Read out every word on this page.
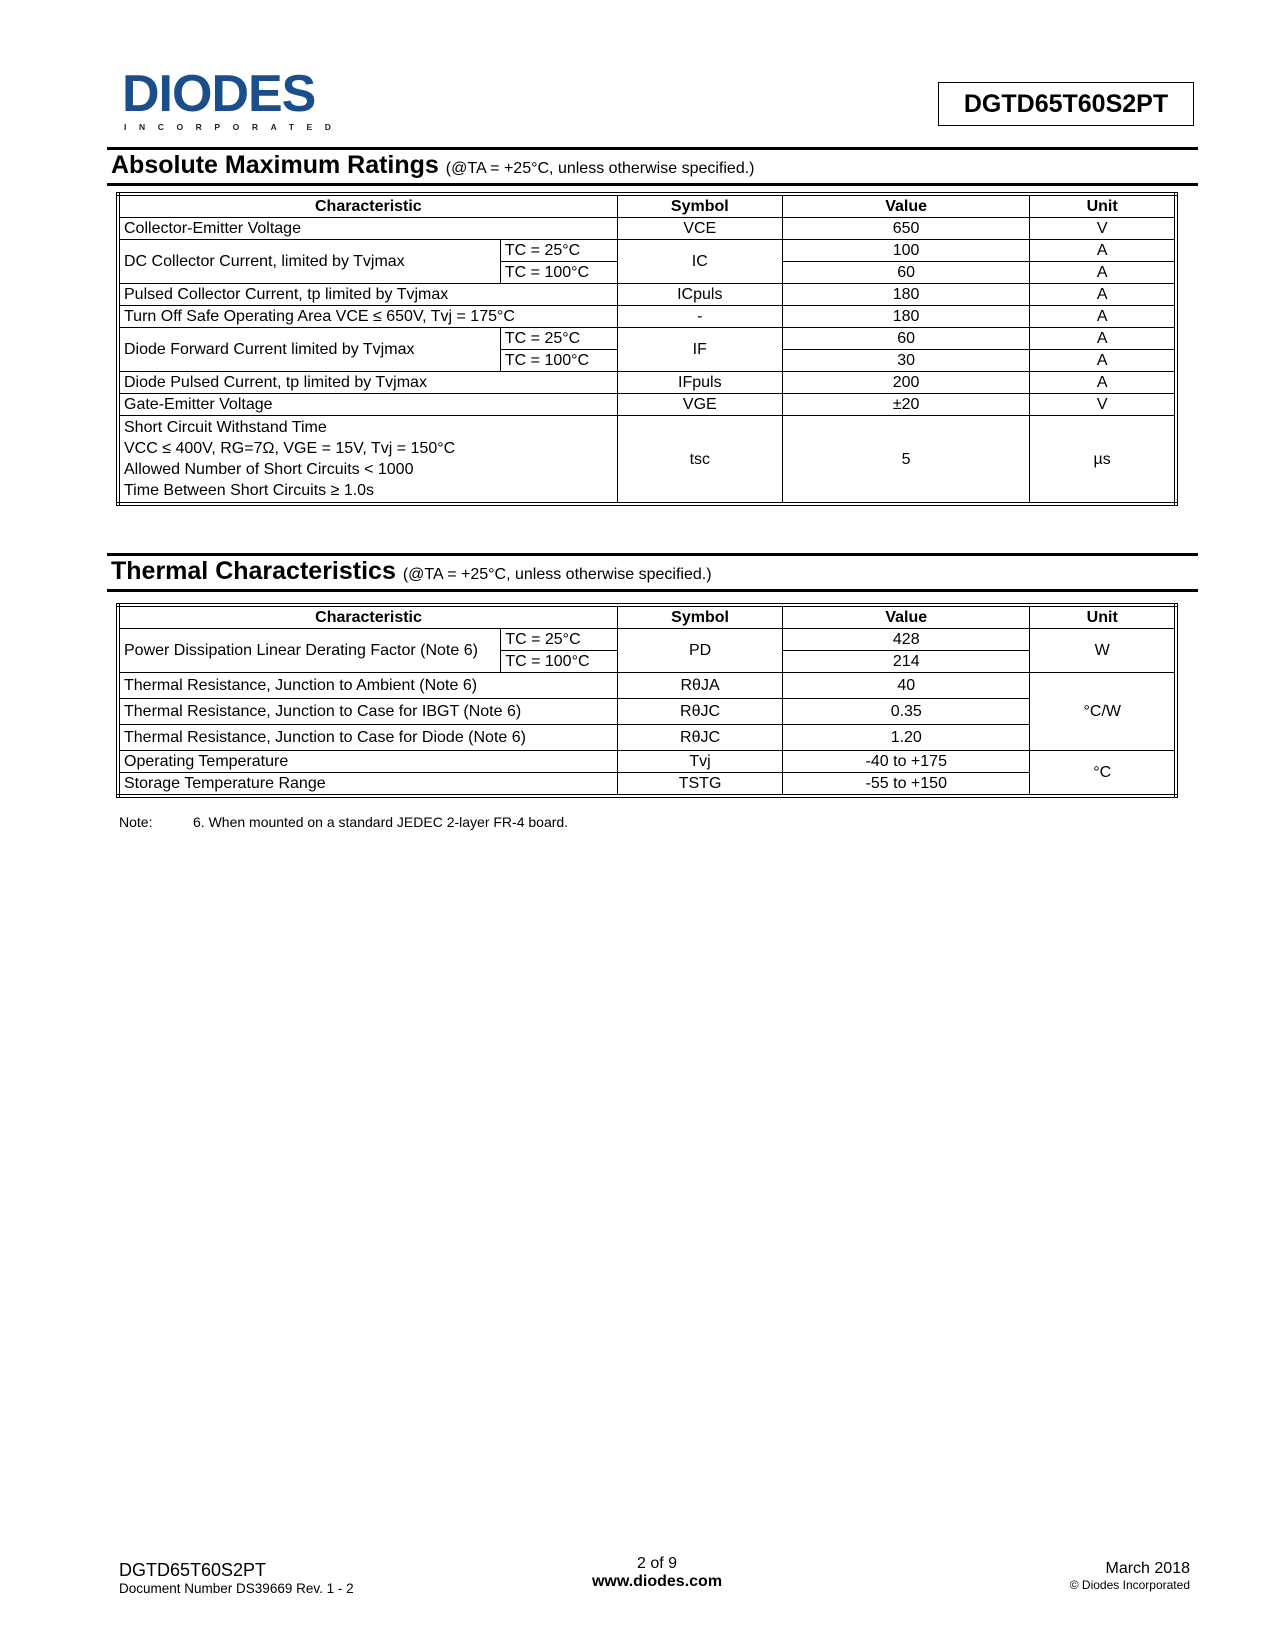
DIODES
INCORPORATED
DGTD65T60S2PT
Absolute Maximum Ratings (@TA = +25°C, unless otherwise specified.)
Characteristic		Symbol	Value	Unit
Collector-Emitter Voltage		VCE	650	V
DC Collector Current, limited by Tvjmax	TC = 25°C	IC	100	A
	TC = 100°C		60	A
Pulsed Collector Current, tp limited by Tvjmax		ICpuls	180	A
Turn Off Safe Operating Area VCE ≤ 650V, Tvj = 175°C		-	180	A
Diode Forward Current limited by Tvjmax	TC = 25°C	IF	60	A
	TC = 100°C		30	A
Diode Pulsed Current, tp limited by Tvjmax		IFpuls	200	A
Gate-Emitter Voltage		VGE	±20	V

Short Circuit Withstand Time
VCC ≤ 400V, RG=7Ω, VGE = 15V, Tvj = 150°C
Allowed Number of Short Circuits < 1000
Time Between Short Circuits ≥ 1.0s		tsc	5	µs
Thermal Characteristics (@TA = +25°C, unless otherwise specified.)
Characteristic		Symbol	Value	Unit
Power Dissipation Linear Derating Factor (Note 6)	TC = 25°C	PD	428	W
	TC = 100°C		214	
Thermal Resistance, Junction to Ambient (Note 6)		RθJA	40	°C/W
Thermal Resistance, Junction to Case for IBGT (Note 6)		RθJC	0.35	
Thermal Resistance, Junction to Case for Diode (Note 6)		RθJC	1.20	
Operating Temperature		Tvj	-40 to +175	°C
Storage Temperature Range		TSTG	-55 to +150	
Note:	6. When mounted on a standard JEDEC 2-layer FR-4 board.
DGTD65T60S2PT
Document Number DS39669 Rev. 1 - 2
2 of 9
www.diodes.com
March 2018
© Diodes Incorporated
